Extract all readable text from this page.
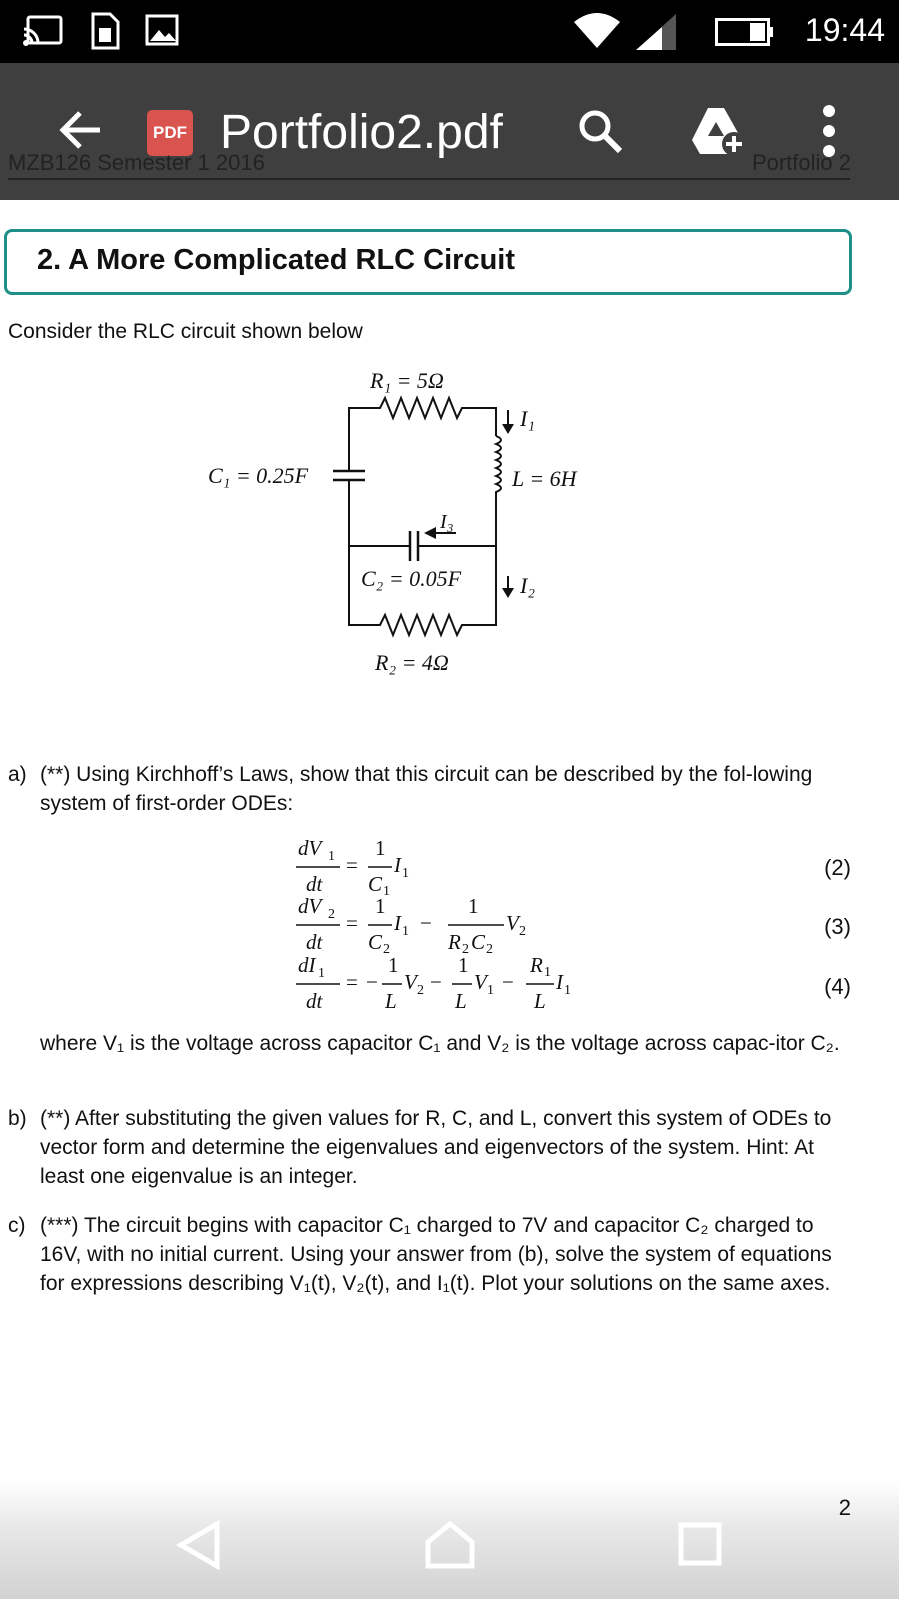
19:44
Portfolio2.pdf
PDF
MZB126 Semester 1 2016	Portfolio 2
2. A More Complicated RLC Circuit
Consider the RLC circuit shown below
R₁ = 5Ω
I₁
C₁ = 0.25F	L = 6H
I₃
C₂ = 0.05F	I₂
R₂ = 4Ω
a) (**) Using Kirchhoff’s Laws, show that this circuit can be described by the fol-lowing system of first-order ODEs:
dV 1
dt
=
1
C 1
I 1
dV 2
dt
=
1
C 2
I 1 −
1
R 2 C 2
V 2
dI 1
dt
= −
1
L
V 2 −
1
L
V 1 −
R 1
L
I 1
(2)
(3)
(4)
where V₁ is the voltage across capacitor C₁ and V₂ is the voltage across capac-itor C₂.
b) (**) After substituting the given values for R, C, and L, convert this system of ODEs to vector form and determine the eigenvalues and eigenvectors of the system. Hint: At least one eigenvalue is an integer.
c) (***) The circuit begins with capacitor C₁ charged to 7V and capacitor C₂ charged to 16V, with no initial current. Using your answer from (b), solve the system of equations for expressions describing V₁(t), V₂(t), and I₁(t). Plot your solutions on the same axes.
2
